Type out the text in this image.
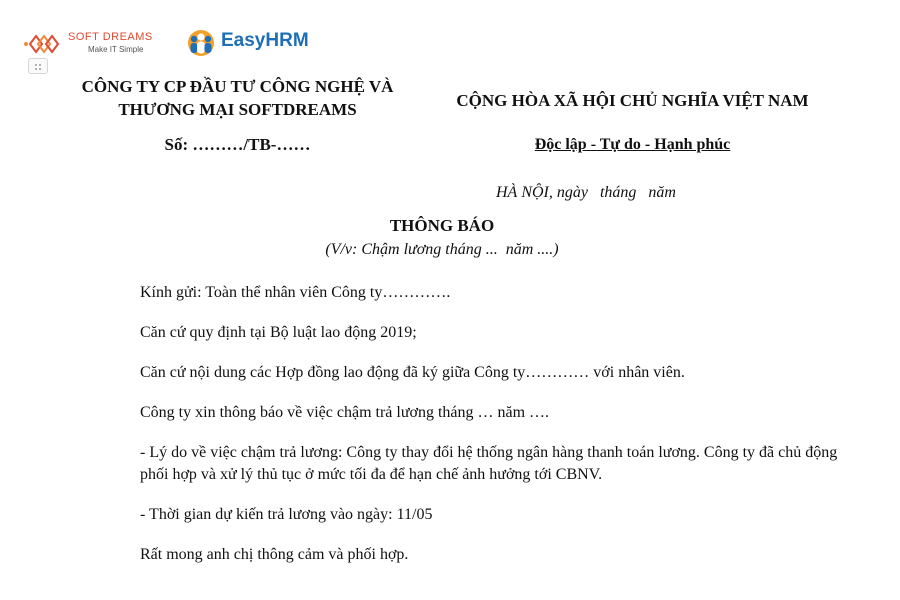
SOFT DREAMS
Make IT Simple	EasyHRM
CÔNG TY CP ĐẦU TƯ CÔNG NGHỆ VÀ
THƯƠNG MẠI SOFTDREAMS
Số: ………/TB-……
CỘNG HÒA XÃ HỘI CHỦ NGHĨA VIỆT NAM
Độc lập - Tự do - Hạnh phúc
HÀ NỘI, ngày   tháng   năm
THÔNG BÁO
(V/v: Chậm lương tháng ...  năm ....)

Kính gửi: Toàn thể nhân viên Công ty………….

Căn cứ quy định tại Bộ luật lao động 2019;

Căn cứ nội dung các Hợp đồng lao động đã ký giữa Công ty………… với nhân viên.

Công ty xin thông báo về việc chậm trả lương tháng … năm ….

- Lý do về việc chậm trả lương: Công ty thay đổi hệ thống ngân hàng thanh toán lương. Công ty đã chủ động phối hợp và xử lý thủ tục ở mức tối đa để hạn chế ảnh hưởng tới CBNV.

- Thời gian dự kiến trả lương vào ngày: 11/05

Rất mong anh chị thông cảm và phối hợp.
